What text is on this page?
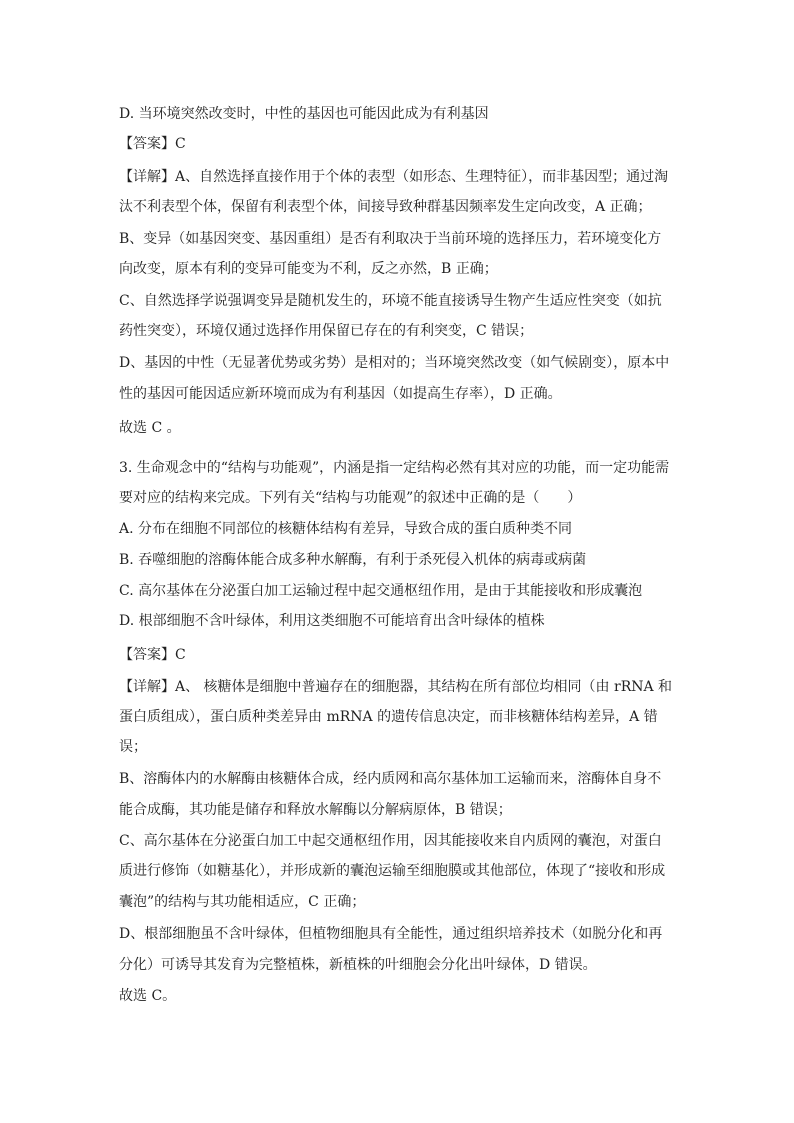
D. 当环境突然改变时，中性的基因也可能因此成为有利基因
【答案】C
【详解】A、自然选择直接作用于个体的表型（如形态、生理特征），而非基因型；通过淘
汰不利表型个体，保留有利表型个体，间接导致种群基因频率发生定向改变，A 正确；
B、变异（如基因突变、基因重组）是否有利取决于当前环境的选择压力，若环境变化方
向改变，原本有利的变异可能变为不利，反之亦然，B 正确；
C、自然选择学说强调变异是随机发生的，环境不能直接诱导生物产生适应性突变（如抗
药性突变），环境仅通过选择作用保留已存在的有利突变，C 错误；
D、基因的中性（无显著优势或劣势）是相对的；当环境突然改变（如气候剧变），原本中
性的基因可能因适应新环境而成为有利基因（如提高生存率），D 正确。
故选 C 。
3. 生命观念中的“结构与功能观”，内涵是指一定结构必然有其对应的功能，而一定功能需
要对应的结构来完成。下列有关“结构与功能观”的叙述中正确的是（　　）
A. 分布在细胞不同部位的核糖体结构有差异，导致合成的蛋白质种类不同
B. 吞噬细胞的溶酶体能合成多种水解酶，有利于杀死侵入机体的病毒或病菌
C. 高尔基体在分泌蛋白加工运输过程中起交通枢纽作用，是由于其能接收和形成囊泡
D. 根部细胞不含叶绿体，利用这类细胞不可能培育出含叶绿体的植株
【答案】C
【详解】A、 核糖体是细胞中普遍存在的细胞器，其结构在所有部位均相同（由 rRNA 和
蛋白质组成），蛋白质种类差异由 mRNA 的遗传信息决定，而非核糖体结构差异，A 错
误；
B、溶酶体内的水解酶由核糖体合成，经内质网和高尔基体加工运输而来，溶酶体自身不
能合成酶，其功能是储存和释放水解酶以分解病原体，B 错误；
C、高尔基体在分泌蛋白加工中起交通枢纽作用，因其能接收来自内质网的囊泡，对蛋白
质进行修饰（如糖基化），并形成新的囊泡运输至细胞膜或其他部位，体现了“接收和形成
囊泡”的结构与其功能相适应，C 正确；
D、根部细胞虽不含叶绿体，但植物细胞具有全能性，通过组织培养技术（如脱分化和再
分化）可诱导其发育为完整植株，新植株的叶细胞会分化出叶绿体，D 错误。
故选 C。
